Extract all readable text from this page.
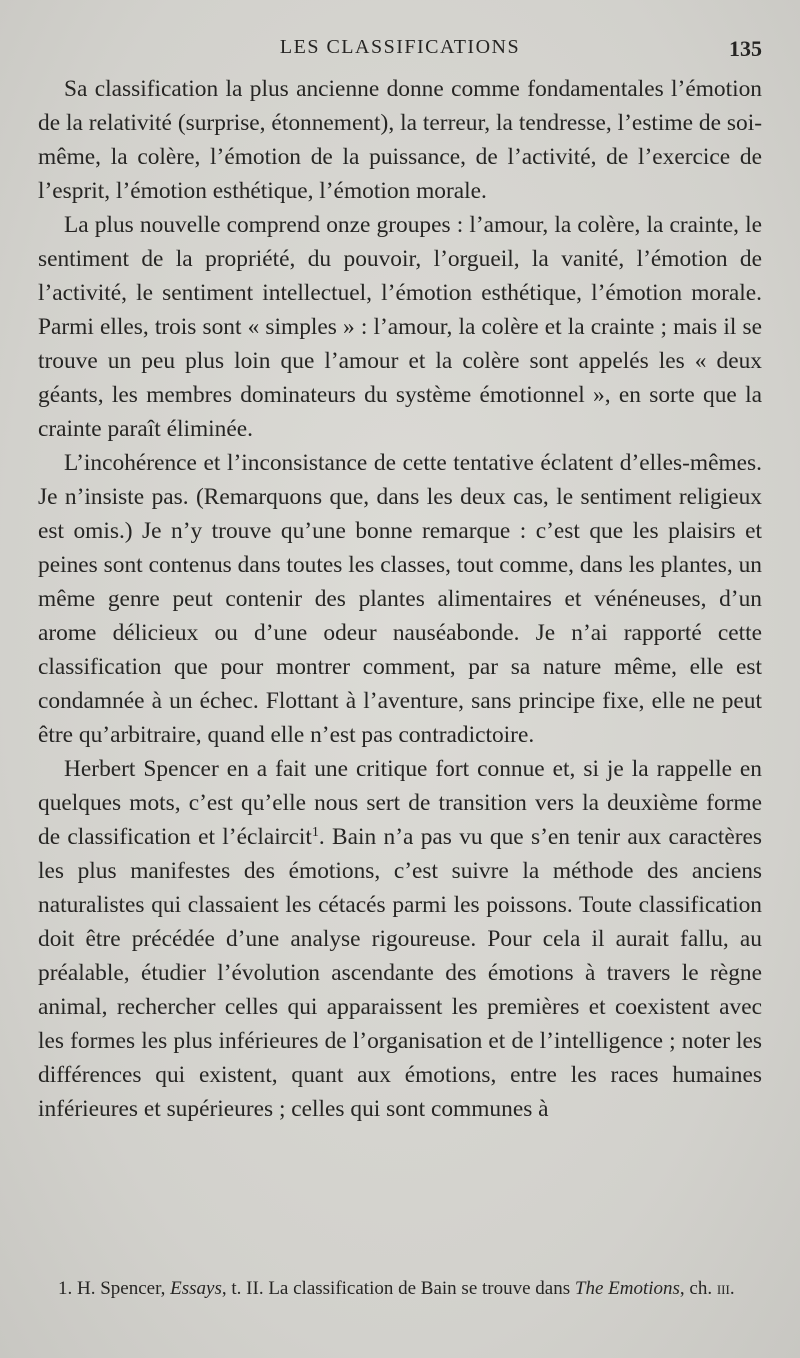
LES CLASSIFICATIONS	135

Sa classification la plus ancienne donne comme fondamentales l’émotion de la relativité (surprise, étonnement), la terreur, la tendresse, l’estime de soi-même, la colère, l’émotion de la puissance, de l’activité, de l’exercice de l’esprit, l’émotion esthétique, l’émotion morale.

La plus nouvelle comprend onze groupes : l’amour, la colère, la crainte, le sentiment de la propriété, du pouvoir, l’orgueil, la vanité, l’émotion de l’activité, le sentiment intellectuel, l’émotion esthétique, l’émotion morale. Parmi elles, trois sont « simples » : l’amour, la colère et la crainte ; mais il se trouve un peu plus loin que l’amour et la colère sont appelés les « deux géants, les membres dominateurs du système émotionnel », en sorte que la crainte paraît éliminée.

L’incohérence et l’inconsistance de cette tentative éclatent d’elles-mêmes. Je n’insiste pas. (Remarquons que, dans les deux cas, le sentiment religieux est omis.) Je n’y trouve qu’une bonne remarque : c’est que les plaisirs et peines sont contenus dans toutes les classes, tout comme, dans les plantes, un même genre peut contenir des plantes alimentaires et vénéneuses, d’un arome délicieux ou d’une odeur nauséabonde. Je n’ai rapporté cette classification que pour montrer comment, par sa nature même, elle est condamnée à un échec. Flottant à l’aventure, sans principe fixe, elle ne peut être qu’arbitraire, quand elle n’est pas contradictoire.

Herbert Spencer en a fait une critique fort connue et, si je la rappelle en quelques mots, c’est qu’elle nous sert de transition vers la deuxième forme de classification et l’éclaircit$^1$. Bain n’a pas vu que s’en tenir aux caractères les plus manifestes des émotions, c’est suivre la méthode des anciens naturalistes qui classaient les cétacés parmi les poissons. Toute classification doit être précédée d’une analyse rigoureuse. Pour cela il aurait fallu, au préalable, étudier l’évolution ascendante des émotions à travers le règne animal, rechercher celles qui apparaissent les premières et coexistent avec les formes les plus inférieures de l’organisation et de l’intelligence ; noter les différences qui existent, quant aux émotions, entre les races humaines inférieures et supérieures ; celles qui sont communes à

1. H. Spencer, Essays, t. II. La classification de Bain se trouve dans The Emotions, ch. iii.
